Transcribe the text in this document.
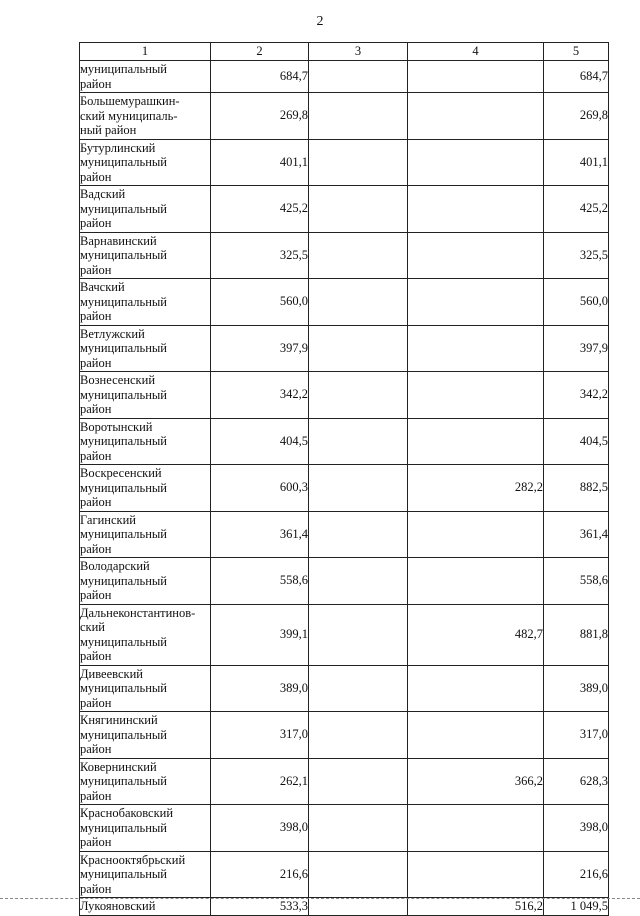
2
1	2	3	4	5

муниципальный
район	684,7			684,7

Большемурашкин-
ский муниципаль-
ный район	269,8			269,8

Бутурлинский
муниципальный
район	401,1			401,1

Вадский
муниципальный
район	425,2			425,2

Варнавинский
муниципальный
район	325,5			325,5

Вачский
муниципальный
район	560,0			560,0

Ветлужский
муниципальный
район	397,9			397,9

Вознесенский
муниципальный
район	342,2			342,2

Воротынский
муниципальный
район	404,5			404,5

Воскресенский
муниципальный
район	600,3		282,2	882,5

Гагинский
муниципальный
район	361,4			361,4

Володарский
муниципальный
район	558,6			558,6

Дальнеконстантинов-
ский
муниципальный
район	399,1		482,7	881,8

Дивеевский
муниципальный
район	389,0			389,0

Княгининский
муниципальный
район	317,0			317,0

Ковернинский
муниципальный
район	262,1		366,2	628,3

Краснобаковский
муниципальный
район	398,0			398,0

Краснооктябрьский
муниципальный
район	216,6			216,6

Лукояновский	533,3		516,2	1 049,5
